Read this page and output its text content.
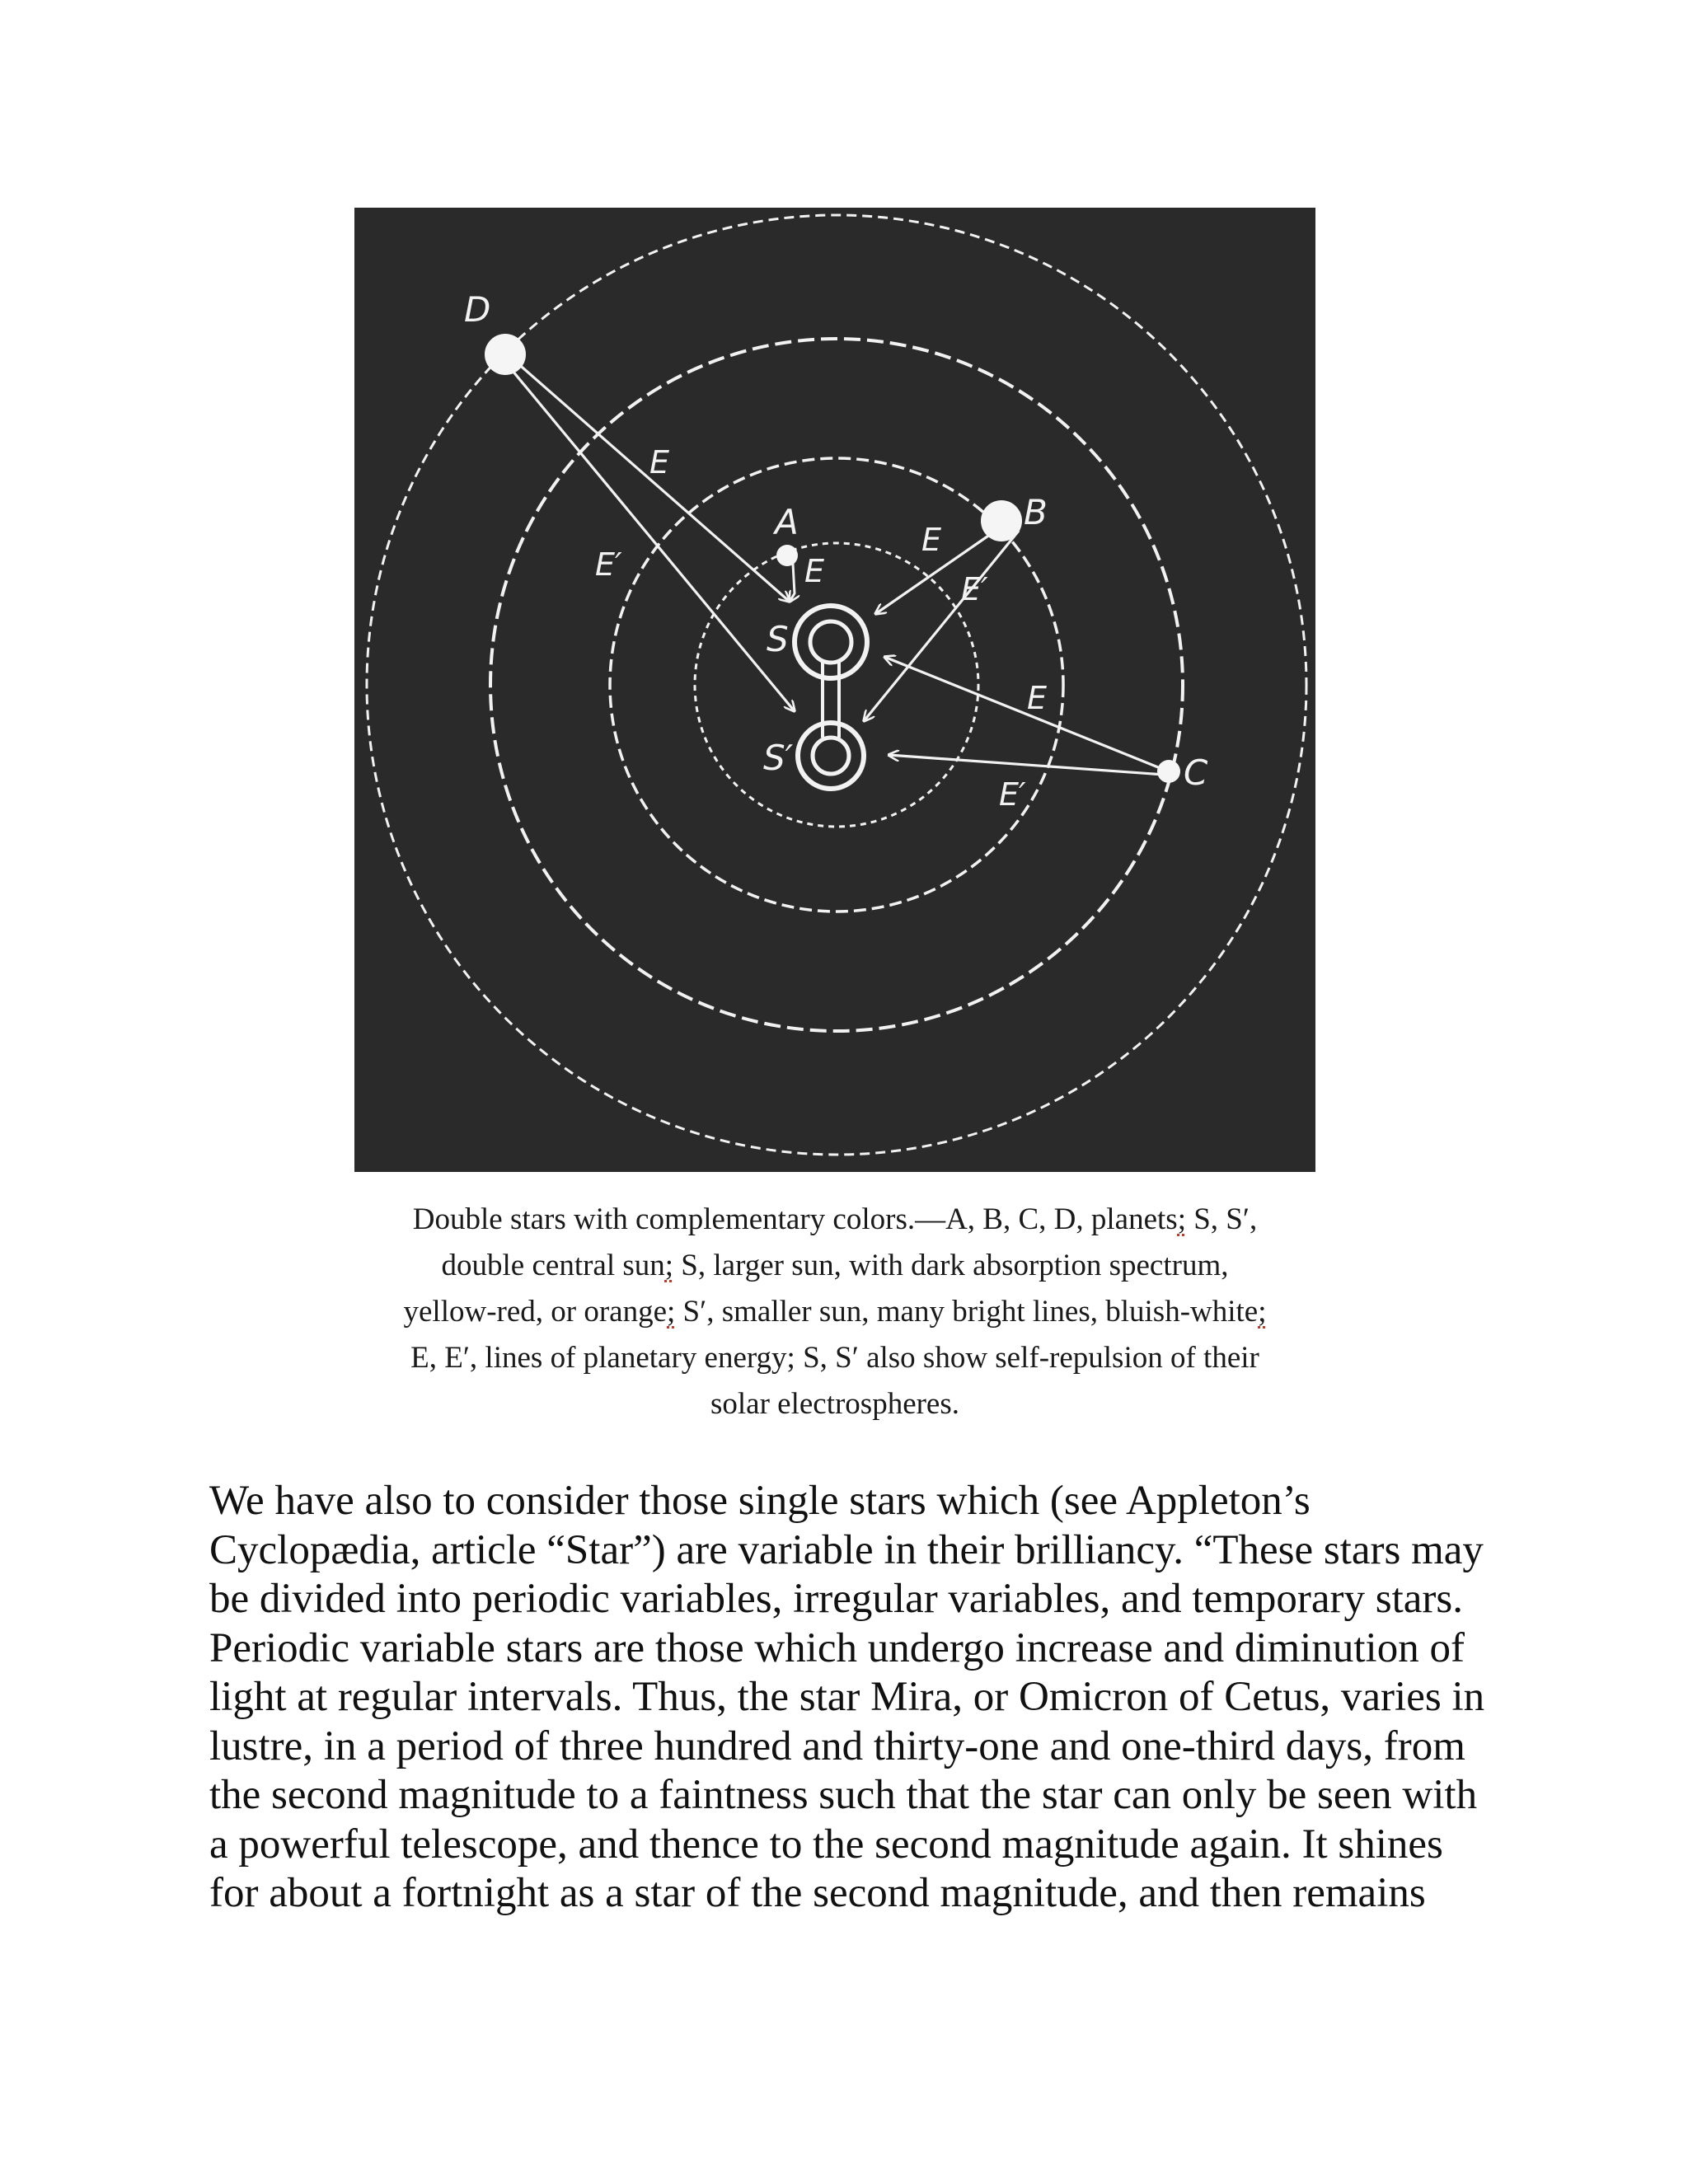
D
B
A
C
S
S′
E
E′	E
E
E′
E
E′
Double stars with complementary colors.—A, B, C, D, planets; S, S′,
double central sun; S, larger sun, with dark absorption spectrum,
yellow-red, or orange; S′, smaller sun, many bright lines, bluish-white;
E, E′, lines of planetary energy; S, S′ also show self-repulsion of their
solar electrospheres.
We have also to consider those single stars which (see Appleton’s
Cyclopædia, article “Star”) are variable in their brilliancy. “These stars may
be divided into periodic variables, irregular variables, and temporary stars.
Periodic variable stars are those which undergo increase and diminution of
light at regular intervals. Thus, the star Mira, or Omicron of Cetus, varies in
lustre, in a period of three hundred and thirty-one and one-third days, from
the second magnitude to a faintness such that the star can only be seen with
a powerful telescope, and thence to the second magnitude again. It shines
for about a fortnight as a star of the second magnitude, and then remains
